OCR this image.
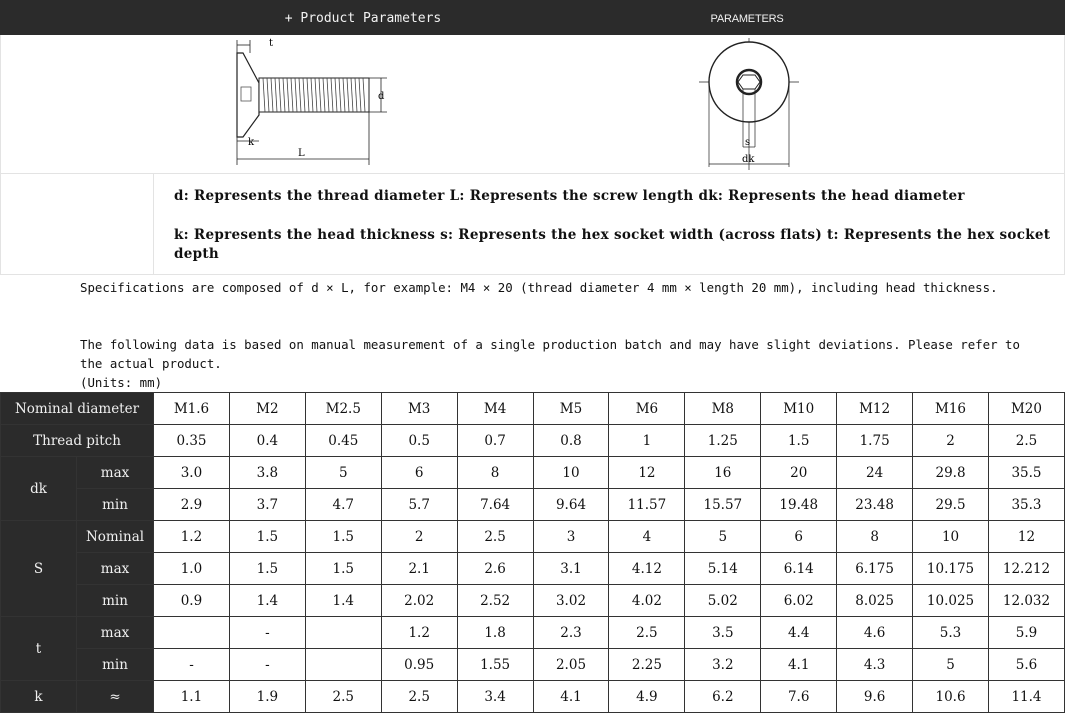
+ Product Parameters	PARAMETERS
t
d
k
L
s
dk
d: Represents the thread diameter L: Represents the screw length dk: Represents the head diameter
k: Represents the head thickness s: Represents the hex socket width (across flats) t: Represents the hex socket depth

Specifications are composed of d × L, for example: M4 × 20 (thread diameter 4 mm × length 20 mm), including head thickness.

The following data is based on manual measurement of a single production batch and may have slight deviations. Please refer to the actual product.

(Units: mm)

Nominal diameter		M1.6	M2	M2.5	M3	M4	M5	M6	M8	M10	M12	M16	M20
Thread pitch		0.35	0.4	0.45	0.5	0.7	0.8	1	1.25	1.5	1.75	2	2.5
dk	max	3.0	3.8	5	6	8	10	12	16	20	24	29.8	35.5
	min	2.9	3.7	4.7	5.7	7.64	9.64	11.57	15.57	19.48	23.48	29.5	35.3
S	Nominal	1.2	1.5	1.5	2	2.5	3	4	5	6	8	10	12
	max	1.0	1.5	1.5	2.1	2.6	3.1	4.12	5.14	6.14	6.175	10.175	12.212
	min	0.9	1.4	1.4	2.02	2.52	3.02	4.02	5.02	6.02	8.025	10.025	12.032
t	max		-		1.2	1.8	2.3	2.5	3.5	4.4	4.6	5.3	5.9
	min	-	-		0.95	1.55	2.05	2.25	3.2	4.1	4.3	5	5.6
k	≈	1.1	1.9	2.5	2.5	3.4	4.1	4.9	6.2	7.6	9.6	10.6	11.4
